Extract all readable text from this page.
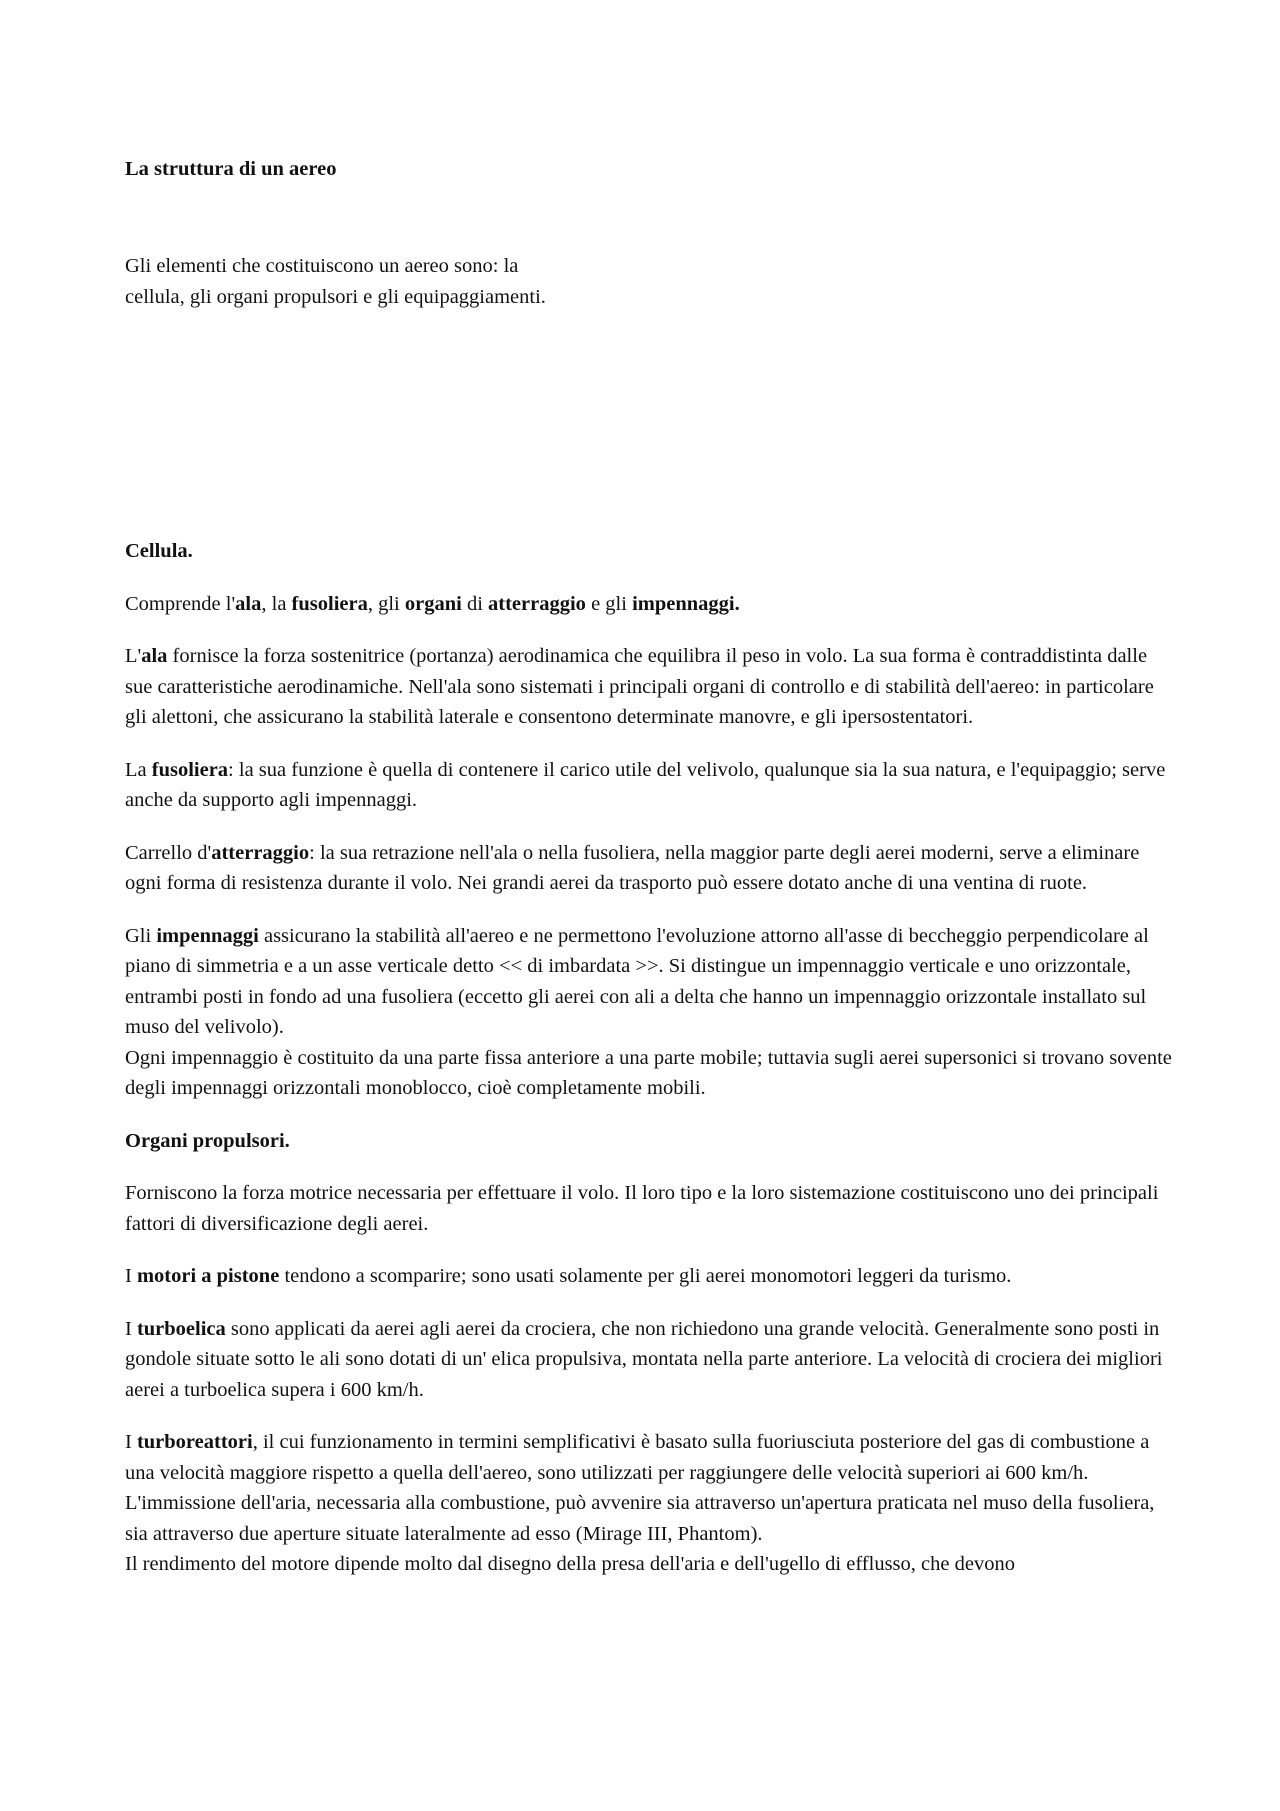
La struttura di un aereo

Gli elementi che costituiscono un aereo sono: la
cellula, gli organi propulsori e gli equipaggiamenti.

Cellula.

Comprende l'ala, la fusoliera, gli organi di atterraggio e gli impennaggi.

L'ala fornisce la forza sostenitrice (portanza) aerodinamica che equilibra il peso in volo. La sua forma è contraddistinta dalle sue caratteristiche aerodinamiche. Nell'ala sono sistemati i principali organi di controllo e di stabilità dell'aereo: in particolare gli alettoni, che assicurano la stabilità laterale e consentono determinate manovre, e gli ipersostentatori.

La fusoliera: la sua funzione è quella di contenere il carico utile del velivolo, qualunque sia la sua natura, e l'equipaggio; serve anche da supporto agli impennaggi.

Carrello d'atterraggio: la sua retrazione nell'ala o nella fusoliera, nella maggior parte degli aerei moderni, serve a eliminare ogni forma di resistenza durante il volo. Nei grandi aerei da trasporto può essere dotato anche di una ventina di ruote.

Gli impennaggi assicurano la stabilità all'aereo e ne permettono l'evoluzione attorno all'asse di beccheggio perpendicolare al piano di simmetria e a un asse verticale detto << di imbardata >>. Si distingue un impennaggio verticale e uno orizzontale, entrambi posti in fondo ad una fusoliera (eccetto gli aerei con ali a delta che hanno un impennaggio orizzontale installato sul muso del velivolo).
Ogni impennaggio è costituito da una parte fissa anteriore a una parte mobile; tuttavia sugli aerei supersonici si trovano sovente degli impennaggi orizzontali monoblocco, cioè completamente mobili.

Organi propulsori.

Forniscono la forza motrice necessaria per effettuare il volo. Il loro tipo e la loro sistemazione costituiscono uno dei principali fattori di diversificazione degli aerei.

I motori a pistone tendono a scomparire; sono usati solamente per gli aerei monomotori leggeri da turismo.

I turboelica sono applicati da aerei agli aerei da crociera, che non richiedono una grande velocità. Generalmente sono posti in gondole situate sotto le ali sono dotati di un' elica propulsiva, montata nella parte anteriore. La velocità di crociera dei migliori aerei a turboelica supera i 600 km/h.

I turboreattori, il cui funzionamento in termini semplificativi è basato sulla fuoriusciuta posteriore del gas di combustione a una velocità maggiore rispetto a quella dell'aereo, sono utilizzati per raggiungere delle velocità superiori ai 600 km/h.
L'immissione dell'aria, necessaria alla combustione, può avvenire sia attraverso un'apertura praticata nel muso della fusoliera, sia attraverso due aperture situate lateralmente ad esso (Mirage III, Phantom).
Il rendimento del motore dipende molto dal disegno della presa dell'aria e dell'ugello di efflusso, che devono
